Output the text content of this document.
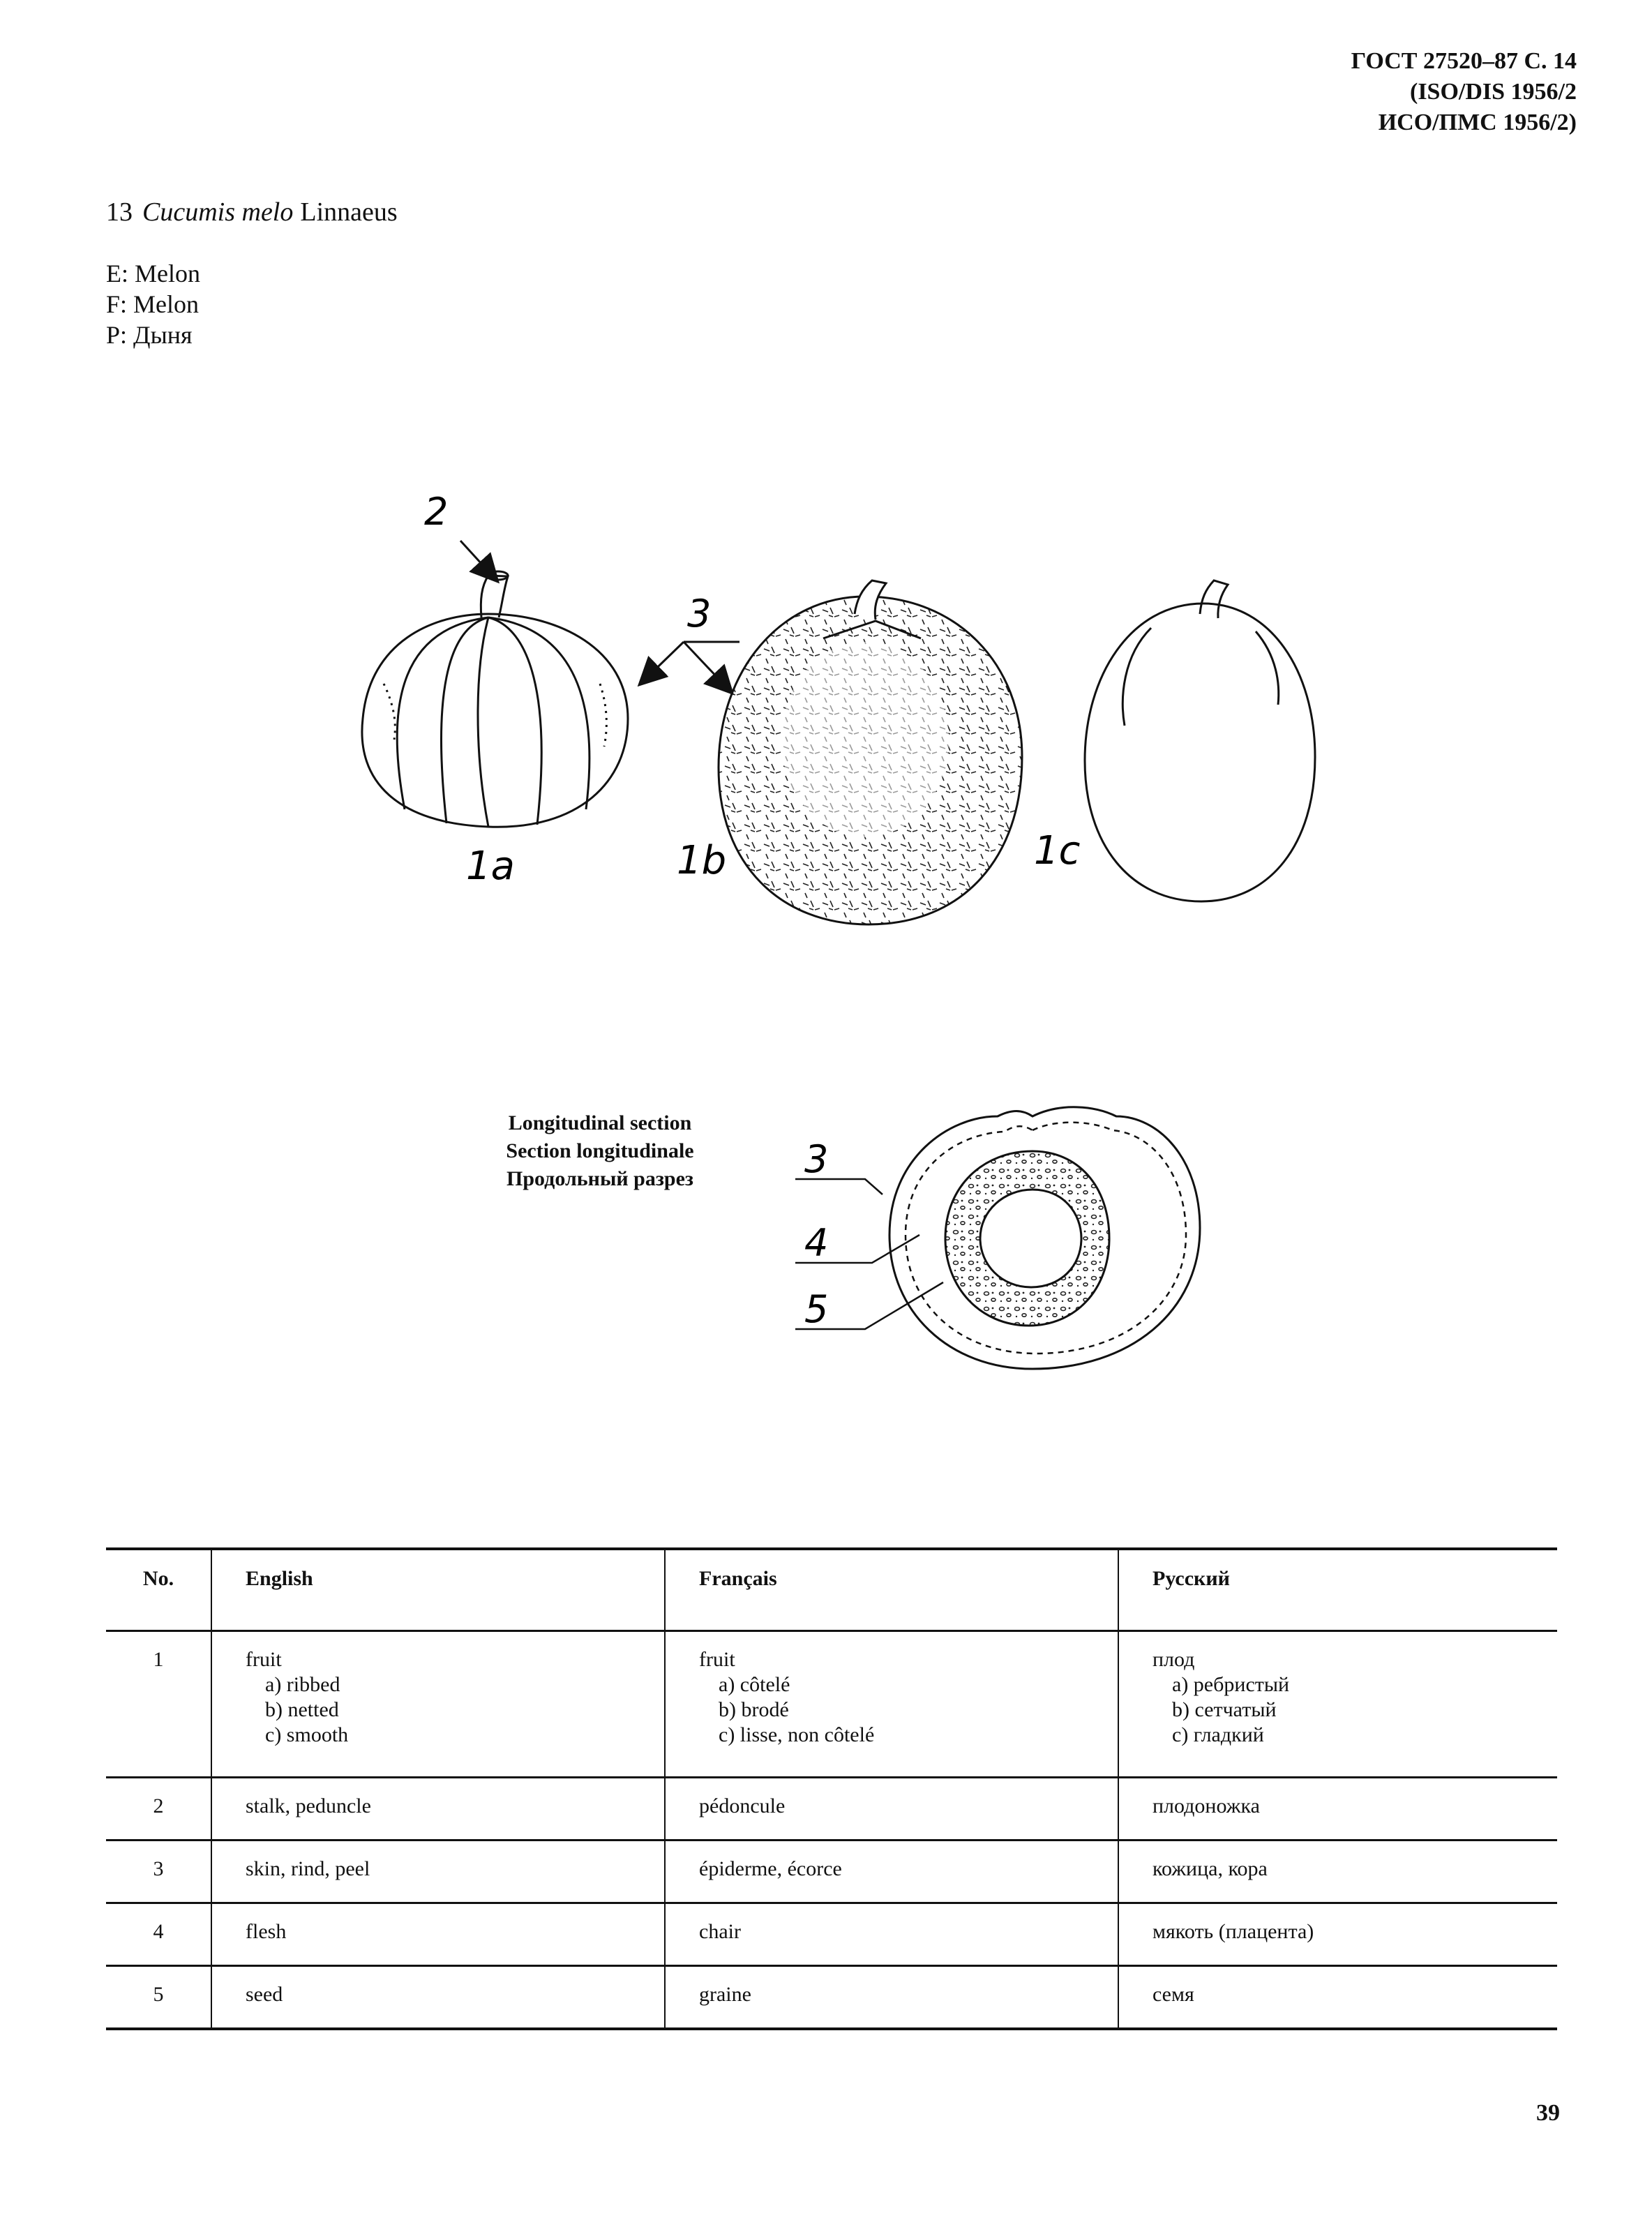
ГОСТ 27520–87 С. 14
(ISO/DIS 1956/2
ИСО/ПМС 1956/2)
13 Cucumis melo Linnaeus
E: Melon
F: Melon
P: Дыня
2
1a
3
1b	1c
3
4
5
Longitudinal section
Section longitudinale
Продольный разрез
No.	English	Français	Русский
1	fruit
a) ribbed
b) netted
c) smooth	fruit
a) côtelé
b) brodé
c) lisse, non côtelé	плод
а) ребристый
b) сетчатый
с) гладкий

2	stalk, peduncle	pédoncule	плодоножка
3	skin, rind, peel	épiderme, écorce	кожица, кора
4	flesh	chair	мякоть (плацента)
5	seed	graine	семя
39
